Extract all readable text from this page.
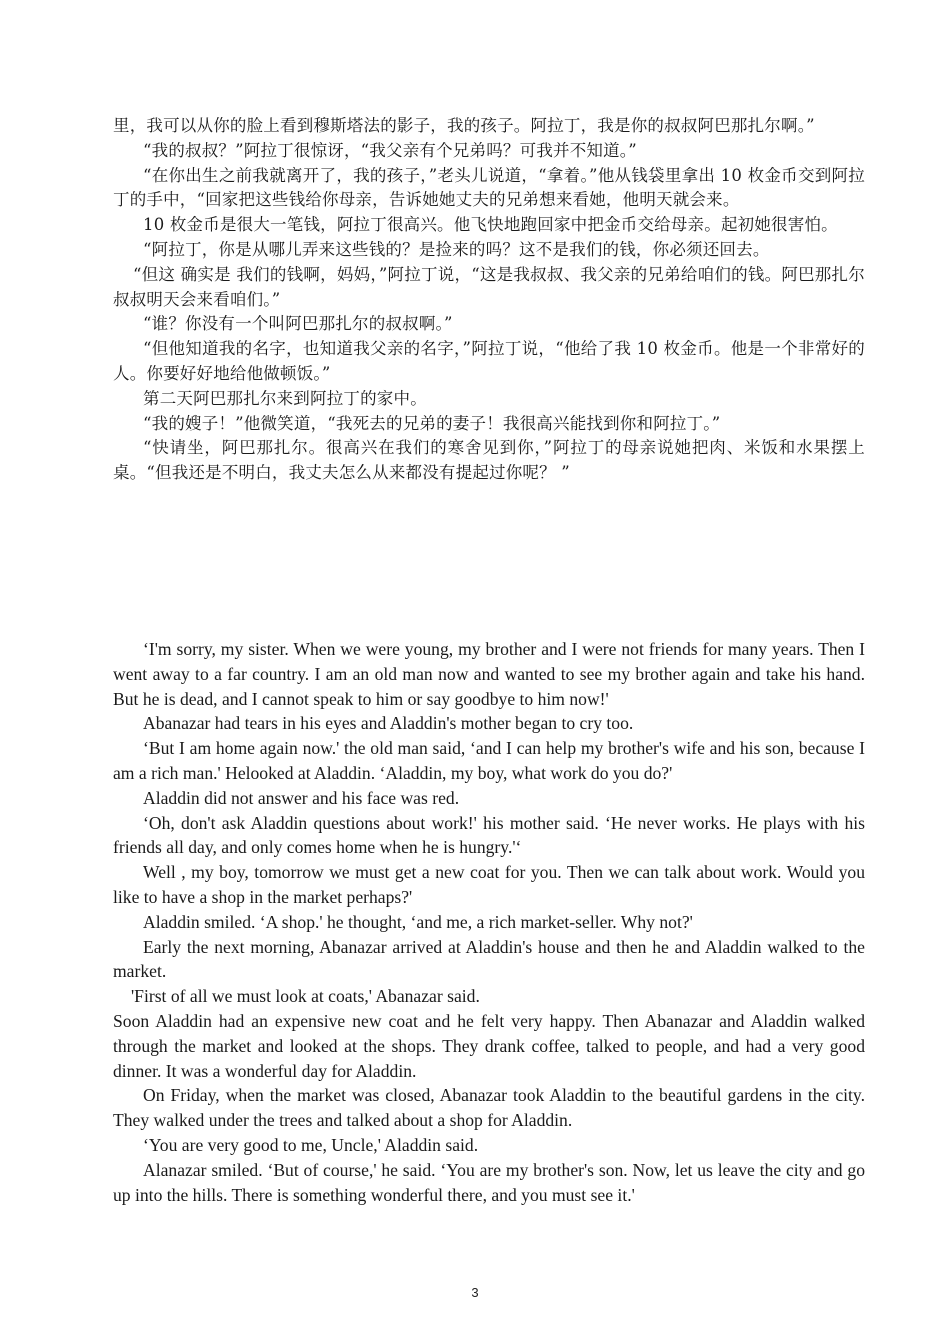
里，我可以从你的脸上看到穆斯塔法的影子，我的孩子。阿拉丁，我是你的叔叔阿巴那扎尔啊。”

“我的叔叔？”阿拉丁很惊讶，“我父亲有个兄弟吗？可我并不知道。”

“在你出生之前我就离开了，我的孩子，”老头儿说道，“拿着。”他从钱袋里拿出 10 枚金币交到阿拉丁的手中，“回家把这些钱给你母亲，告诉她她丈夫的兄弟想来看她，他明天就会来。

10 枚金币是很大一笔钱，阿拉丁很高兴。他飞快地跑回家中把金币交给母亲。起初她很害怕。

“阿拉丁，你是从哪儿弄来这些钱的？是捡来的吗？这不是我们的钱，你必须还回去。

“但这 确实是 我们的钱啊，妈妈，”阿拉丁说，“这是我叔叔、我父亲的兄弟给咱们的钱。阿巴那扎尔叔叔明天会来看咱们。”

“谁？你没有一个叫阿巴那扎尔的叔叔啊。”

“但他知道我的名字，也知道我父亲的名字，”阿拉丁说，“他给了我 10 枚金币。他是一个非常好的人。你要好好地给他做顿饭。”

第二天阿巴那扎尔来到阿拉丁的家中。

“我的嫂子！”他微笑道，“我死去的兄弟的妻子！我很高兴能找到你和阿拉丁。”

“快请坐，阿巴那扎尔。很高兴在我们的寒舍见到你，”阿拉丁的母亲说她把肉、米饭和水果摆上桌。“但我还是不明白，我丈夫怎么从来都没有提起过你呢？ ”

‘I'm sorry, my sister. When we were young, my brother and I were not friends for many years. Then I went away to a far country. I am an old man now and wanted to see my brother again and take his hand. But he is dead, and I cannot speak to him or say goodbye to him now!'

Abanazar had tears in his eyes and Aladdin's mother began to cry too.

‘But I am home again now.' the old man said, ‘and I can help my brother's wife and his son, because I am a rich man.' Helooked at Aladdin. ‘Aladdin, my boy, what work do you do?'

Aladdin did not answer and his face was red.

‘Oh, don't ask Aladdin questions about work!' his mother said. ‘He never works. He plays with his friends all day, and only comes home when he is hungry.'‘

Well , my boy, tomorrow we must get a new coat for you. Then we can talk about work. Would you like to have a shop in the market perhaps?'

Aladdin smiled. ‘A shop.' he thought, ‘and me, a rich market-seller. Why not?'

Early the next morning, Abanazar arrived at Aladdin's house and then he and Aladdin walked to the market.

'First of all we must look at coats,' Abanazar said.

Soon Aladdin had an expensive new coat and he felt very happy. Then Abanazar and Aladdin walked through the market and looked at the shops. They drank coffee, talked to people, and had a very good dinner. It was a wonderful day for Aladdin.

On Friday, when the market was closed, Abanazar took Aladdin to the beautiful gardens in the city. They walked under the trees and talked about a shop for Aladdin.

‘You are very good to me, Uncle,' Aladdin said.

Alanazar smiled. ‘But of course,' he said. ‘You are my brother's son. Now, let us leave the city and go up into the hills. There is something wonderful there, and you must see it.'

3
